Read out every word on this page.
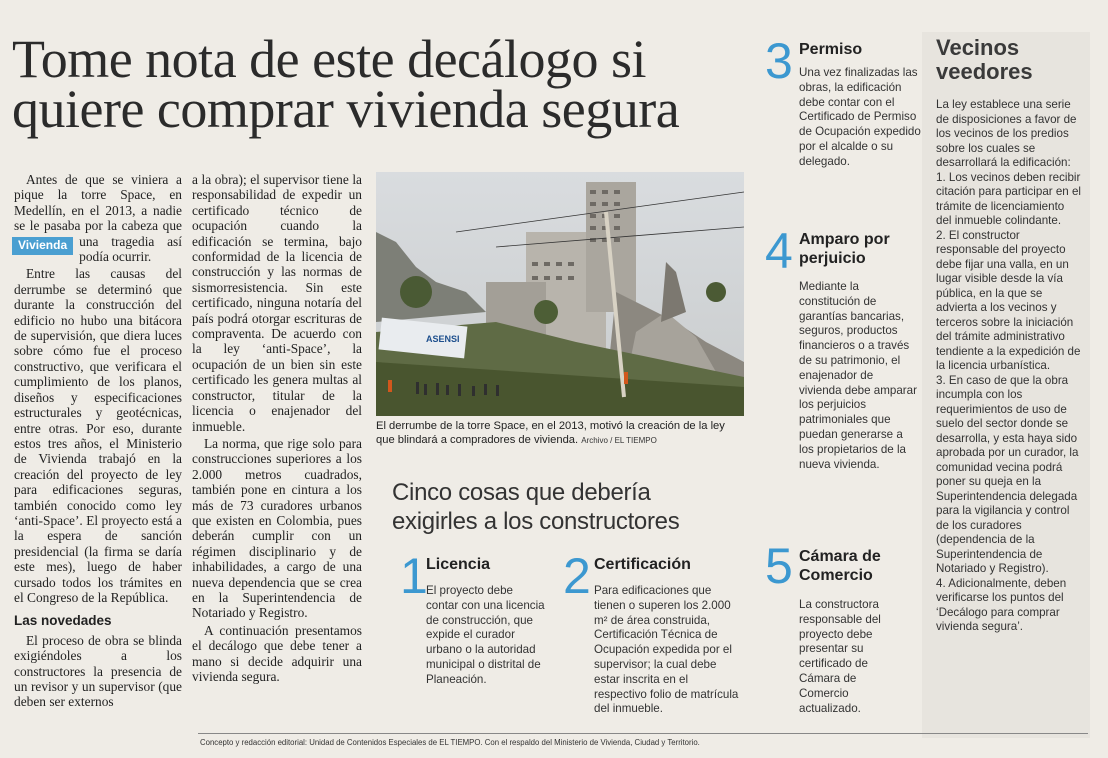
Tome nota de este decálogo si quiere comprar vivienda segura

Antes de que se viniera a pique la torre Space, en Medellín, en el 2013, a nadie se le pasaba por la cabeza que
Vivienda una tragedia así podía ocurrir.

Entre las causas del derrumbe se determinó que durante la construcción del edificio no hubo una bitácora de supervisión, que diera luces sobre cómo fue el proceso constructivo, que verificara el cumplimiento de los planos, diseños y especificaciones estructurales y geotécnicas, entre otras. Por eso, durante estos tres años, el Ministerio de Vivienda trabajó en la creación del proyecto de ley para edificaciones seguras, también conocido como ley ‘anti-Space’. El proyecto está a la espera de sanción presidencial (la firma se daría este mes), luego de haber cursado todos los trámites en el Congreso de la República.

Las novedades

El proceso de obra se blinda exigiéndoles a los constructores la presencia de un revisor y un supervisor (que deben ser externos

a la obra); el supervisor tiene la responsabilidad de expedir un certificado técnico de ocupación cuando la edificación se termina, bajo conformidad de la licencia de construcción y las normas de sismorresistencia. Sin este certificado, ninguna notaría del país podrá otorgar escrituras de compraventa. De acuerdo con la ley ‘anti-Space’, la ocupación de un bien sin este certificado les genera multas al constructor, titular de la licencia o enajenador del inmueble.

La norma, que rige solo para construcciones superiores a los 2.000 metros cuadrados, también pone en cintura a los más de 73 curadores urbanos que existen en Colombia, pues deberán cumplir con un régimen disciplinario y de inhabilidades, a cargo de una nueva dependencia que se crea en la Superintendencia de Notariado y Registro.

A continuación presentamos el decálogo que debe tener a mano si decide adquirir una vivienda segura.

ASENSI
El derrumbe de la torre Space, en el 2013, motivó la creación de la ley que blindará a compradores de vivienda. Archivo / EL TIEMPO
Cinco cosas que debería exigirles a los constructores
1
Licencia
El proyecto debe contar con una licencia de construcción, que expide el curador urbano o la autoridad municipal o distrital de Planeación.
2 Certificación
Para edificaciones que tienen o superen los 2.000 m² de área construida, Certificación Técnica de Ocupación expedida por el supervisor; la cual debe estar inscrita en el respectivo folio de matrícula del inmueble.
3 Permiso
Una vez finalizadas las obras, la edificación debe contar con el Certificado de Permiso de Ocupación expedido por el alcalde o su delegado.
4 Amparo por perjuicio
Mediante la constitución de garantías bancarias, seguros, productos financieros o a través de su patrimonio, el enajenador de vivienda debe amparar los perjuicios patrimoniales que puedan generarse a los propietarios de la nueva vivienda.
5 Cámara de Comercio
La constructora responsable del proyecto debe presentar su certificado de Cámara de Comercio actualizado.
Vecinos veedores

La ley establece una serie de disposiciones a favor de los vecinos de los predios sobre los cuales se desarrollará la edificación:

1. Los vecinos deben recibir citación para participar en el trámite de licenciamiento del inmueble colindante.

2. El constructor responsable del proyecto debe fijar una valla, en un lugar visible desde la vía pública, en la que se advierta a los vecinos y terceros sobre la iniciación del trámite administrativo tendiente a la expedición de la licencia urbanística.

3. En caso de que la obra incumpla con los requerimientos de uso de suelo del sector donde se desarrolla, y esta haya sido aprobada por un curador, la comunidad vecina podrá poner su queja en la Superintendencia delegada para la vigilancia y control de los curadores (dependencia de la Superintendencia de Notariado y Registro).

4. Adicionalmente, deben verificarse los puntos del ‘Decálogo para comprar vivienda segura’.

Concepto y redacción editorial: Unidad de Contenidos Especiales de EL TIEMPO. Con el respaldo del Ministerio de Vivienda, Ciudad y Territorio.
